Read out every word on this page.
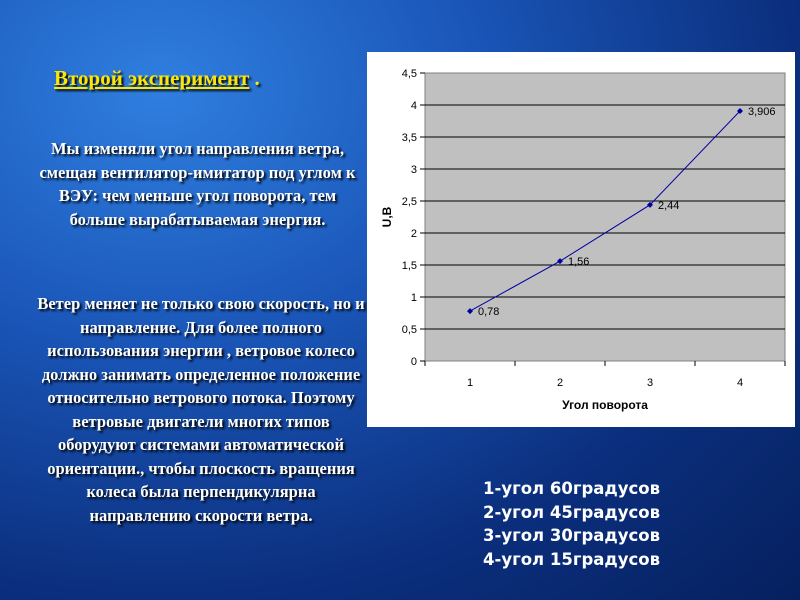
Второй эксперимент .

Мы изменяли угол направления ветра, смещая вентилятор-имитатор под углом к ВЭУ: чем меньше угол поворота, тем больше вырабатываемая энергия.

Ветер меняет не только свою скорость, но и направление. Для более полного использования энергии , ветровое колесо должно занимать определенное положение относительно ветрового потока. Поэтому ветровые двигатели многих типов оборудуют системами автоматической ориентации., чтобы плоскость вращения колеса была перпендикулярна направлению скорости ветра.

0
0,5
1
1,5
2
2,5
3
3,5
4
4,5
1	2	3	4
Угол поворота
U,B
0,78
1,56
2,44
3,906
1-угол 60градусов
2-угол 45градусов
3-угол 30градусов
4-угол 15градусов
